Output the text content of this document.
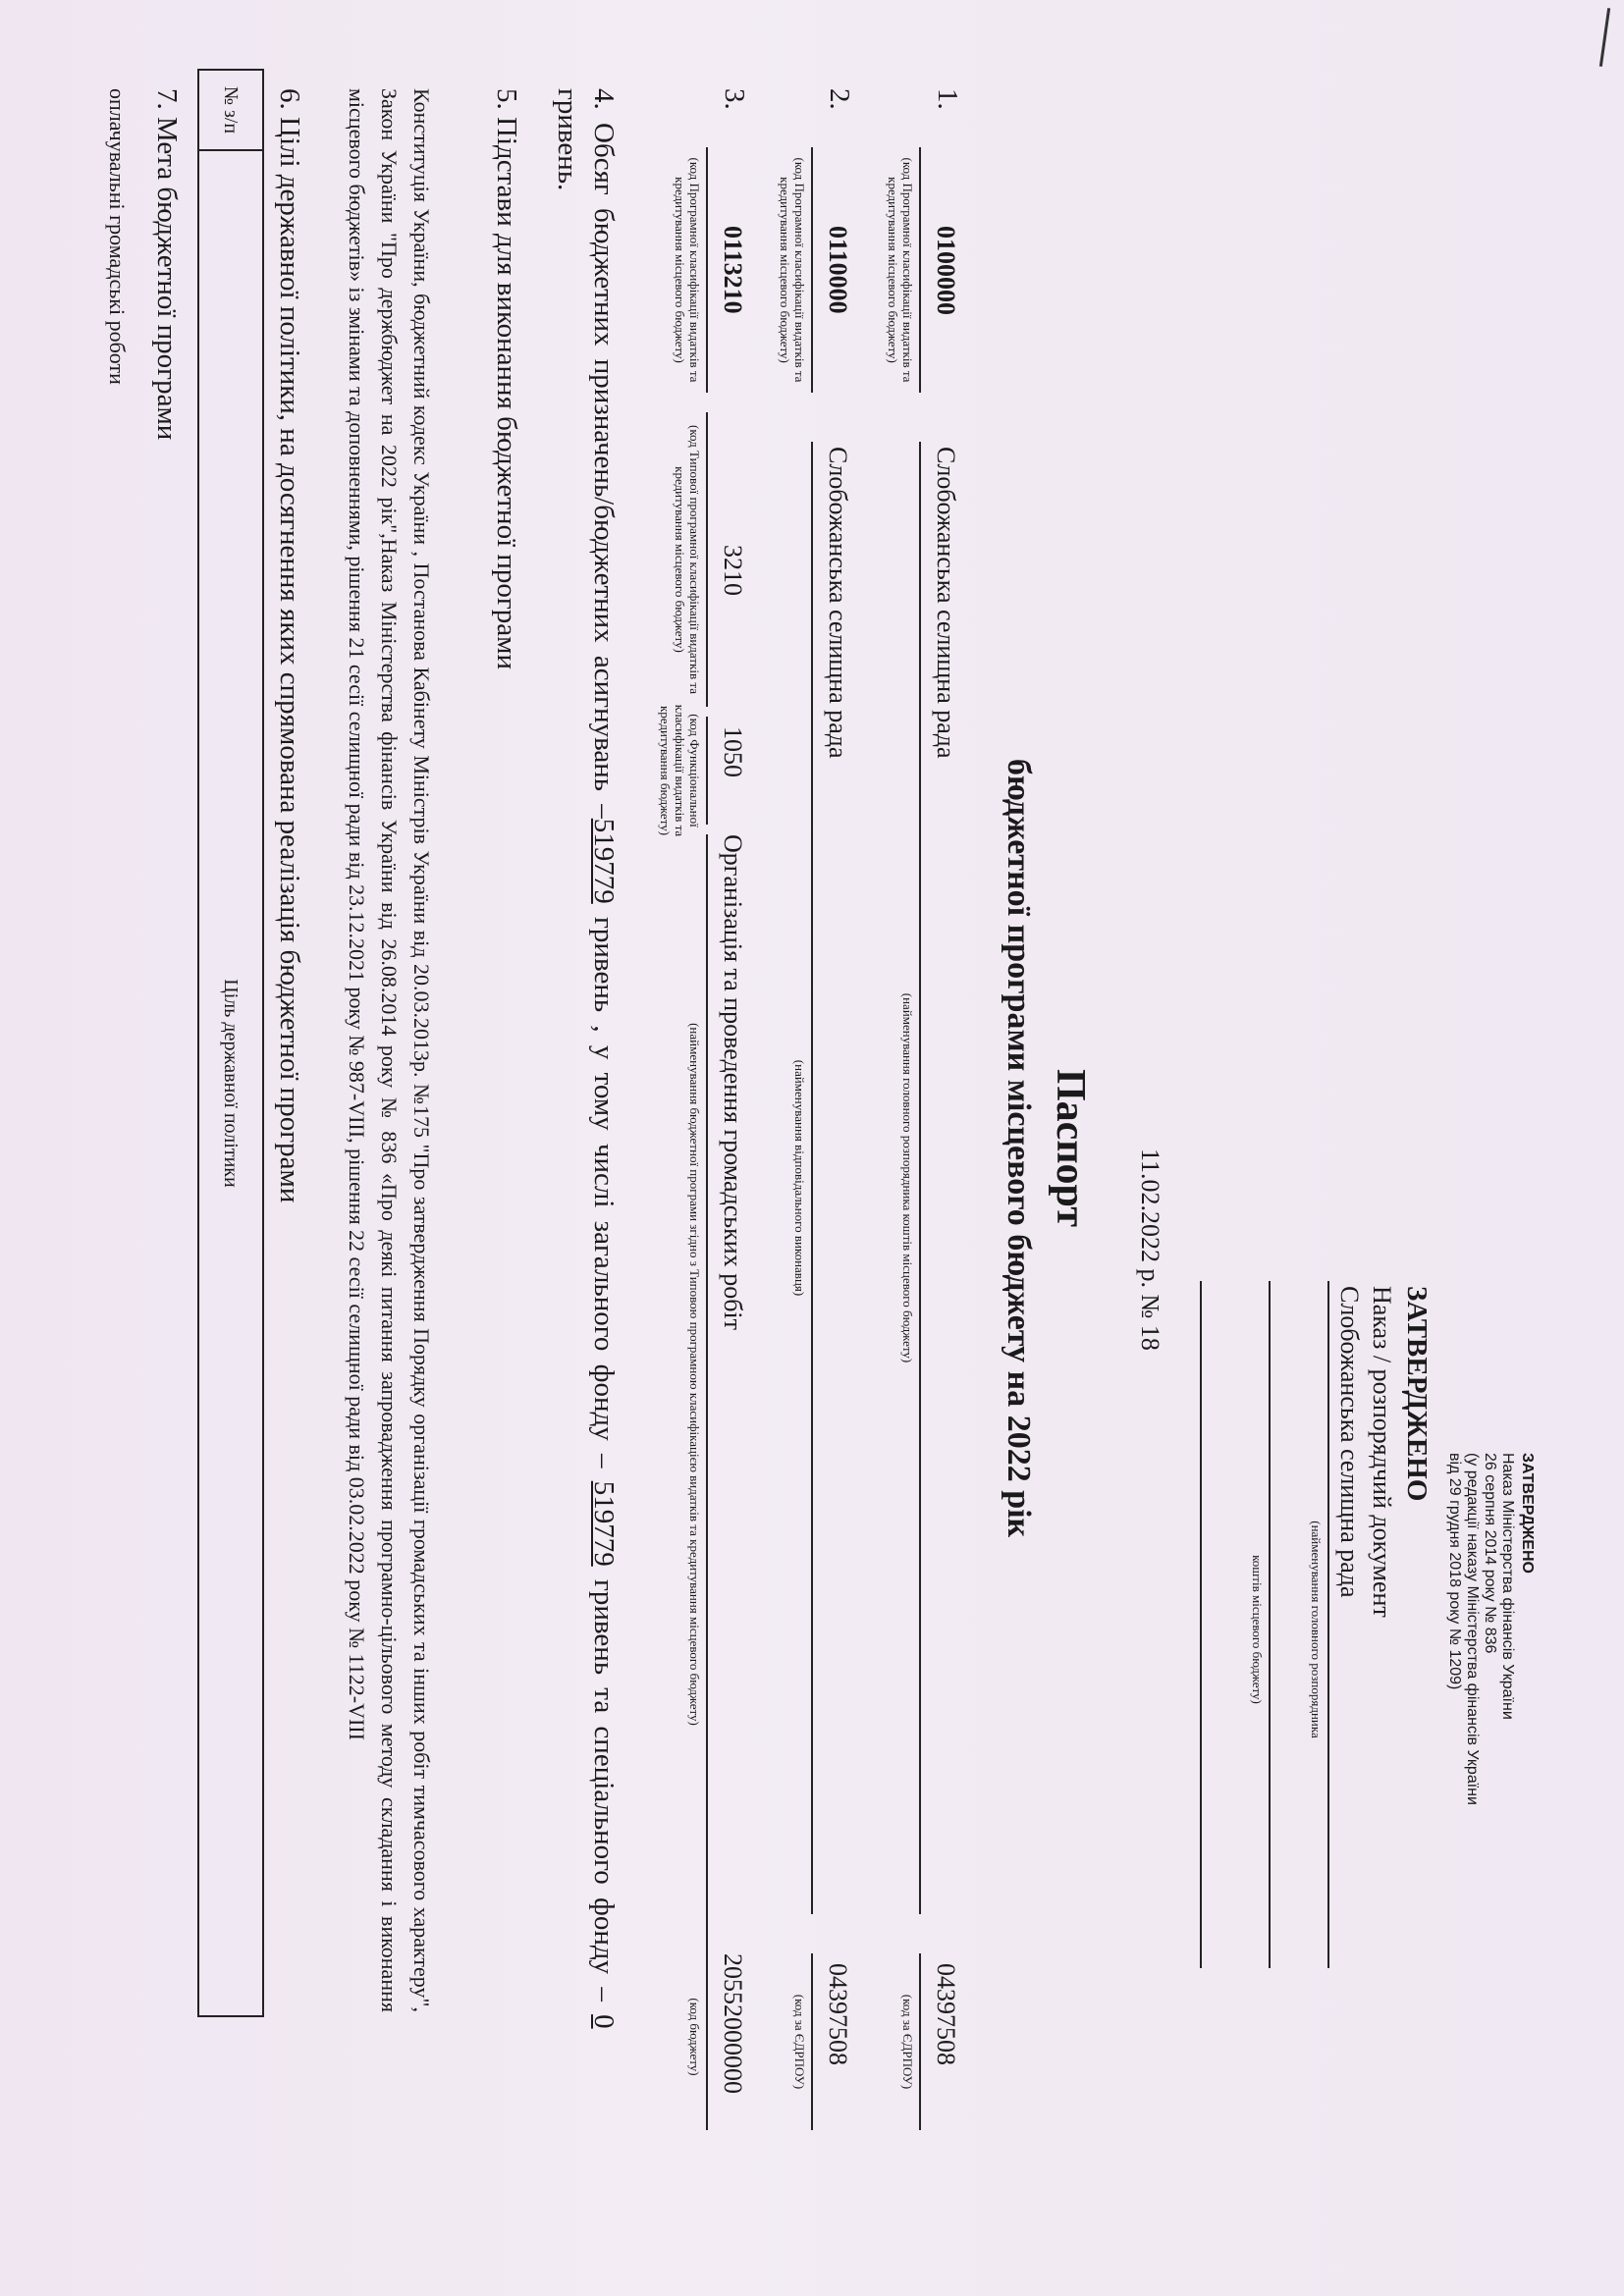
ЗАТВЕРДЖЕНО
Наказ Міністерства фінансів України
26 серпня 2014 року № 836
(у редакції наказу Міністерства фінансів України
від 29 грудня 2018 року № 1209)
ЗАТВЕРДЖЕНО
Наказ / розпорядчий документ
Слобожанська селищна рада
(найменування головного розпорядника
коштів місцевого бюджету)
11.02.2022 р. № 18
Паспорт
бюджетної програми місцевого бюджету на 2022 рік
1.
0100000
(код Програмної класифікації видатків та кредитування місцевого бюджету)
Слобожанська селищна рада
(найменування головного розпорядника коштів місцевого бюджету)
04397508
(код за ЄДРПОУ)
2.
0110000
(код Програмної класифікації видатків та кредитування місцевого бюджету)
Слобожанська селищна рада
(найменування відповідального виконавця)
04397508
(код за ЄДРПОУ)
3.
0113210
(код Програмної класифікації видатків та кредитування місцевого бюджету)
3210
(код Типової програмної класифікації видатків та кредитування місцевого бюджету)
1050
(код Функціональної класифікації видатків та кредитування бюджету)
Організація та проведення громадських робіт
(найменування бюджетної програми згідно з Типовою програмною класифікацією видатків та кредитування місцевого бюджету)
20552000000
(код бюджету)
4. Обсяг бюджетних призначень/бюджетних асигнувань –519779 гривень , у тому числі загального фонду – 519779 гривень та спеціального фонду – 0
гривень.
5. Підстави для виконання бюджетної програми
Конституція України, бюджетний кодекс України , Постанова Кабінету Міністрів України від 20.03.2013р. №175 "Про затвердження Порядку організації громадських та інших робіт тимчасового характеру", Закон України "Про держбюджет на 2022 рік",Наказ Міністерства фінансів України від 26.08.2014 року № 836 «Про деякі питання запровадження програмно-цільового методу складання і виконання місцевого бюджетів» із змінами та доповненнями, рішення 21 сесії селищної ради від 23.12.2021 року № 987-VIII, рішення 22 сесії селищної ради від 03.02.2022 року № 1122-VIII
6. Цілі державної політики, на досягнення яких спрямована реалізація бюджетної програми
№ з/п	Ціль державної політики
7. Мета бюджетної програми
оплачувальні громадські роботи
